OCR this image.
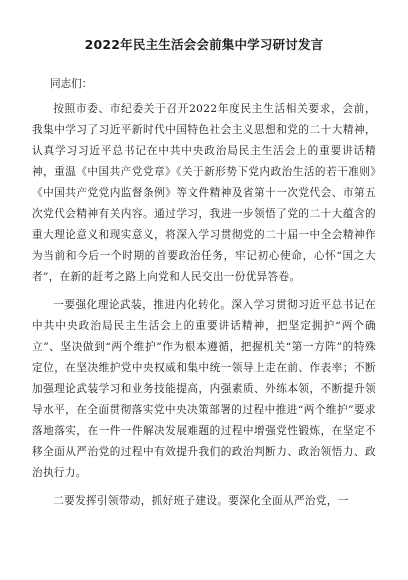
2022年民主生活会会前集中学习研讨发言
同志们：

按照市委、市纪委关于召开2022年度民主生活相关要求，会前，我集中学习了习近平新时代中国特色社会主义思想和党的二十大精神，认真学习习近平总书记在中共中央政治局民主生活会上的重要讲话精神，重温《中国共产党党章》《关于新形势下党内政治生活的若干准则》《中国共产党党内监督条例》等文件精神及省第十一次党代会、市第五次党代会精神有关内容。通过学习，我进一步领悟了党的二十大蕴含的重大理论意义和现实意义，将深入学习贯彻党的二十届一中全会精神作为当前和今后一个时期的首要政治任务，牢记初心使命，心怀“国之大者”，在新的赶考之路上向党和人民交出一份优异答卷。

一要强化理论武装，推进内化转化。深入学习贯彻习近平总书记在中共中央政治局民主生活会上的重要讲话精神，把坚定拥护“两个确立”、坚决做到“两个维护”作为根本遵循，把握机关“第一方阵”的特殊定位，在坚决维护党中央权威和集中统一领导上走在前、作表率；不断加强理论武装学习和业务技能提高，内强素质、外练本领，不断提升领导水平，在全面贯彻落实党中央决策部署的过程中推进“两个维护”要求落地落实，在一件一件解决发展难题的过程中增强党性锻炼，在坚定不移全面从严治党的过程中有效提升我们的政治判断力、政治领悟力、政治执行力。

二要发挥引领带动，抓好班子建设。要深化全面从严治党，一
